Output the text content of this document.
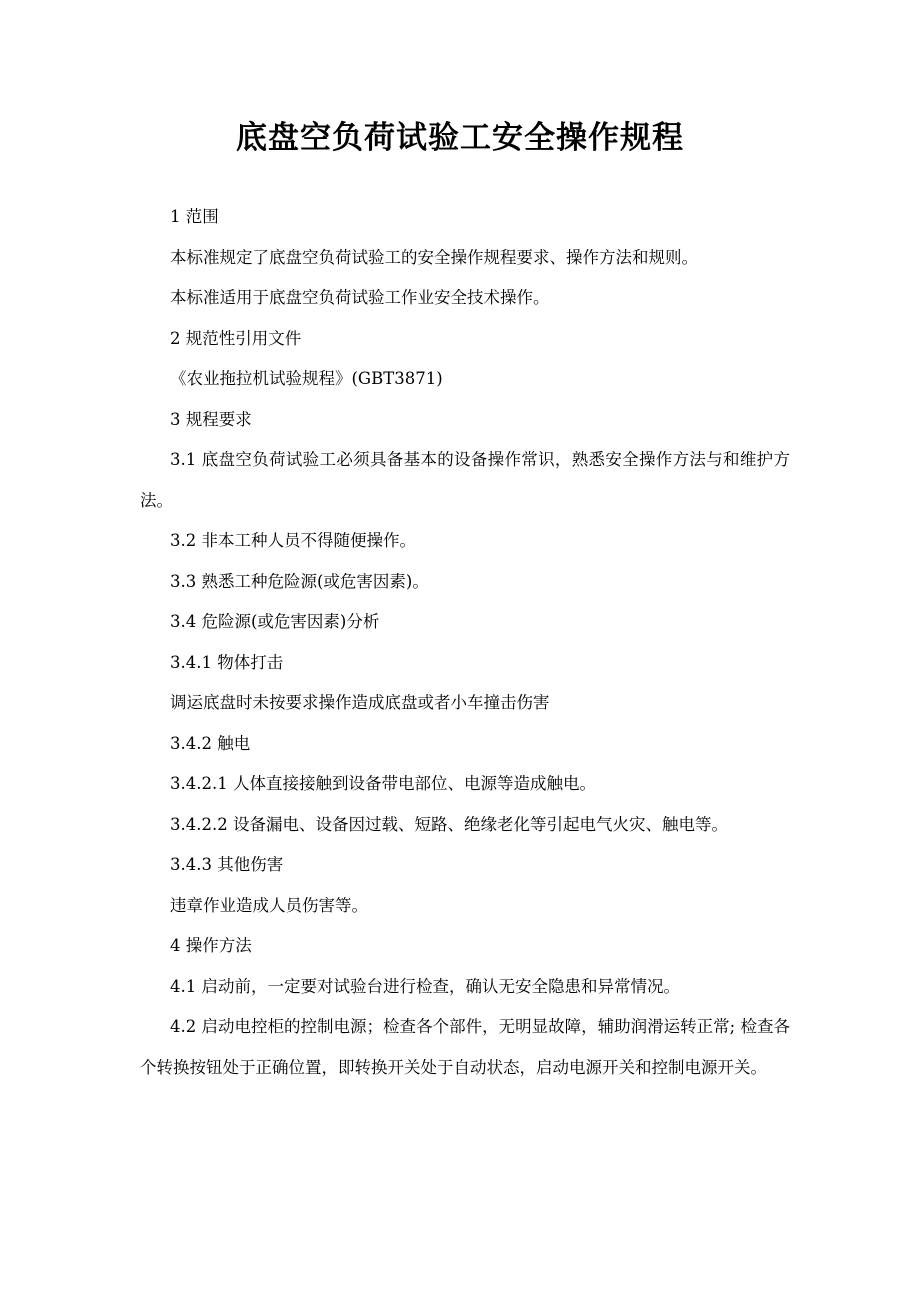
底盘空负荷试验工安全操作规程

1 范围

本标准规定了底盘空负荷试验工的安全操作规程要求、操作方法和规则。

本标准适用于底盘空负荷试验工作业安全技术操作。

2 规范性引用文件

《农业拖拉机试验规程》(GBT3871)

3 规程要求

3.1 底盘空负荷试验工必须具备基本的设备操作常识，熟悉安全操作方法与和维护方法。

3.2 非本工种人员不得随便操作。

3.3 熟悉工种危险源(或危害因素)。

3.4 危险源(或危害因素)分析

3.4.1 物体打击

调运底盘时未按要求操作造成底盘或者小车撞击伤害

3.4.2 触电

3.4.2.1 人体直接接触到设备带电部位、电源等造成触电。

3.4.2.2 设备漏电、设备因过载、短路、绝缘老化等引起电气火灾、触电等。

3.4.3 其他伤害

违章作业造成人员伤害等。

4 操作方法

4.1 启动前，一定要对试验台进行检查，确认无安全隐患和异常情况。

4.2 启动电控柜的控制电源；检查各个部件，无明显故障，辅助润滑运转正常; 检查各个转换按钮处于正确位置，即转换开关处于自动状态，启动电源开关和控制电源开关。
